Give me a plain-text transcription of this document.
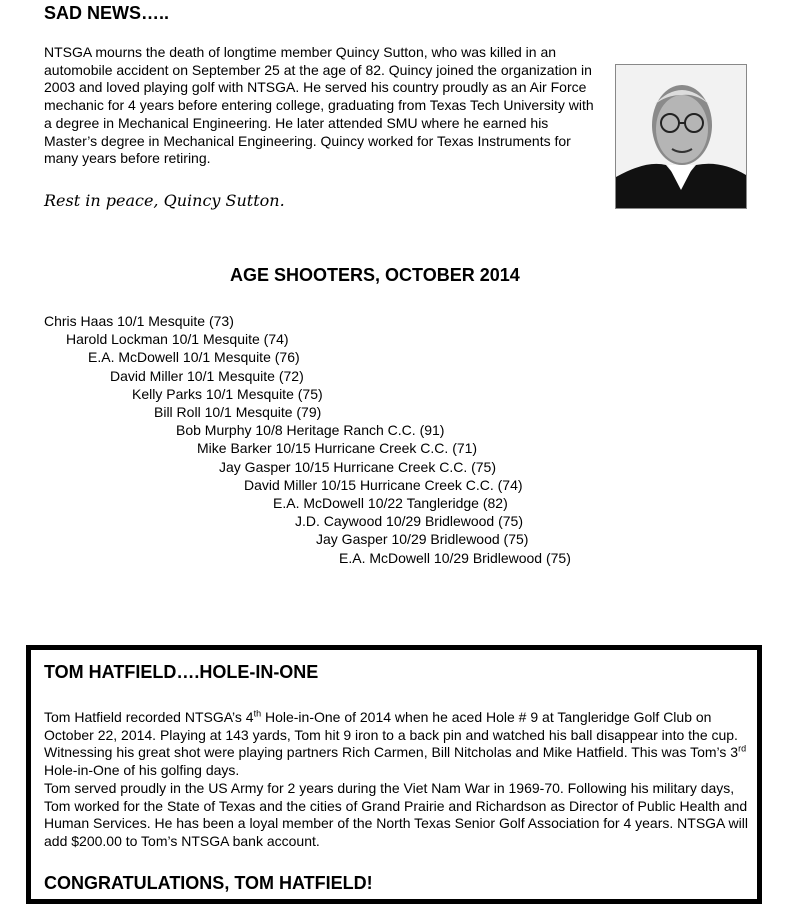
SAD NEWS…..
NTSGA mourns the death of longtime member Quincy Sutton, who was killed in an automobile accident on September 25 at the age of 82. Quincy joined the organization in 2003 and loved playing golf with NTSGA. He served his country proudly as an Air Force mechanic for 4 years before entering college, graduating from Texas Tech University with a degree in Mechanical Engineering. He later attended SMU where he earned his Master’s degree in Mechanical Engineering. Quincy worked for Texas Instruments for many years before retiring.
Rest in peace, Quincy Sutton.
AGE SHOOTERS, OCTOBER 2014
Chris Haas 10/1 Mesquite (73)
Harold Lockman 10/1 Mesquite (74)
E.A. McDowell 10/1 Mesquite (76)
David Miller 10/1 Mesquite (72)
Kelly Parks 10/1 Mesquite (75)
Bill Roll 10/1 Mesquite (79)
Bob Murphy 10/8 Heritage Ranch C.C. (91)
Mike Barker 10/15 Hurricane Creek C.C. (71)
Jay Gasper 10/15 Hurricane Creek C.C. (75)
David Miller 10/15 Hurricane Creek C.C. (74)
E.A. McDowell 10/22 Tangleridge (82)
J.D. Caywood 10/29 Bridlewood (75)
Jay Gasper 10/29 Bridlewood (75)
E.A. McDowell 10/29 Bridlewood (75)
TOM HATFIELD….HOLE-IN-ONE

Tom Hatfield recorded NTSGA’s 4th Hole-in-One of 2014 when he aced Hole # 9 at Tangleridge Golf Club on October 22, 2014. Playing at 143 yards, Tom hit 9 iron to a back pin and watched his ball disappear into the cup. Witnessing his great shot were playing partners Rich Carmen, Bill Nitcholas and Mike Hatfield. This was Tom’s 3rd Hole-in-One of his golfing days.

Tom served proudly in the US Army for 2 years during the Viet Nam War in 1969-70. Following his military days, Tom worked for the State of Texas and the cities of Grand Prairie and Richardson as Director of Public Health and Human Services. He has been a loyal member of the North Texas Senior Golf Association for 4 years. NTSGA will add $200.00 to Tom’s NTSGA bank account.

CONGRATULATIONS, TOM HATFIELD!
